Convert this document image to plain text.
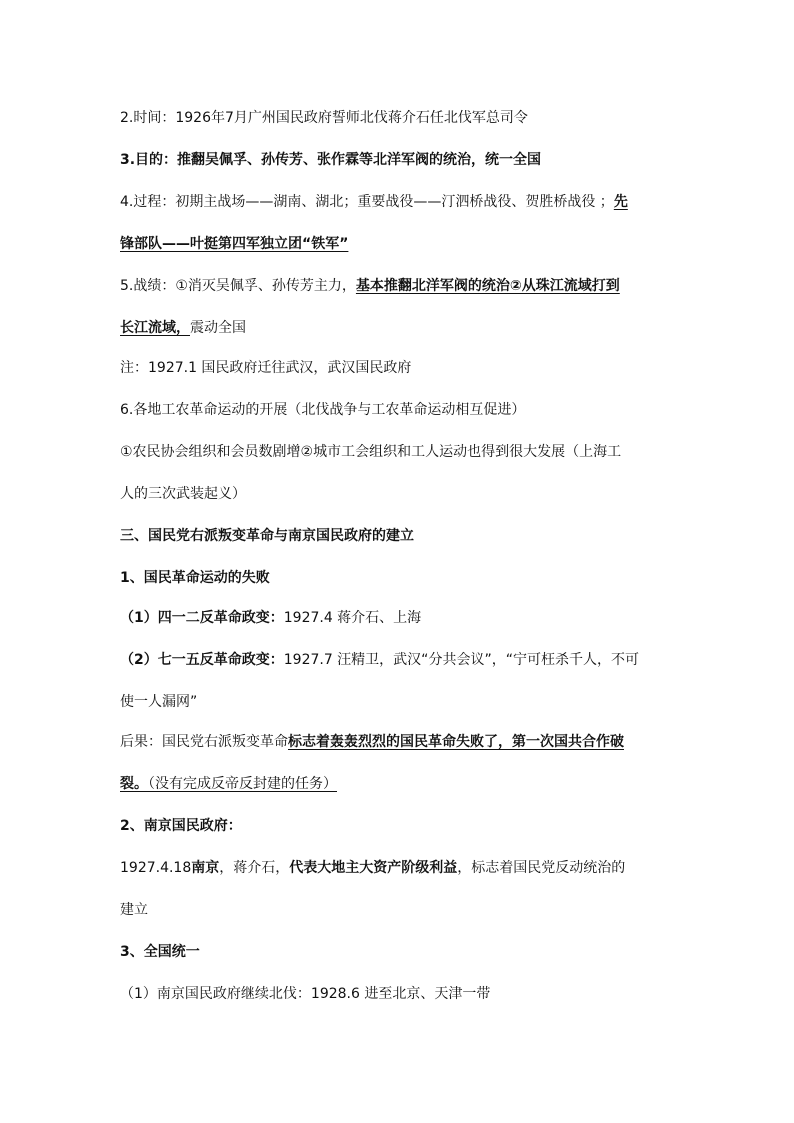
2.时间：1926年7月广州国民政府誓师北伐蒋介石任北伐军总司令
3.目的：推翻吴佩孚、孙传芳、张作霖等北洋军阀的统治，统一全国
4.过程：初期主战场——湖南、湖北；重要战役——汀泗桥战役、贺胜桥战役 ；先
锋部队——叶挺第四军独立团“铁军”
5.战绩：①消灭吴佩孚、孙传芳主力，基本推翻北洋军阀的统治②从珠江流域打到
长江流域，震动全国
注：1927.1 国民政府迁往武汉，武汉国民政府
6.各地工农革命运动的开展（北伐战争与工农革命运动相互促进）
①农民协会组织和会员数剧增②城市工会组织和工人运动也得到很大发展（上海工
人的三次武装起义）
三、国民党右派叛变革命与南京国民政府的建立
1、国民革命运动的失败
（1）四一二反革命政变：1927.4 蒋介石、上海
（2）七一五反革命政变：1927.7 汪精卫，武汉“分共会议”，“宁可枉杀千人，不可
使一人漏网”
后果：国民党右派叛变革命标志着轰轰烈烈的国民革命失败了，第一次国共合作破
裂。（没有完成反帝反封建的任务）
2、南京国民政府：
1927.4.18南京，蒋介石，代表大地主大资产阶级利益，标志着国民党反动统治的
建立
3、全国统一
（1）南京国民政府继续北伐：1928.6 进至北京、天津一带
